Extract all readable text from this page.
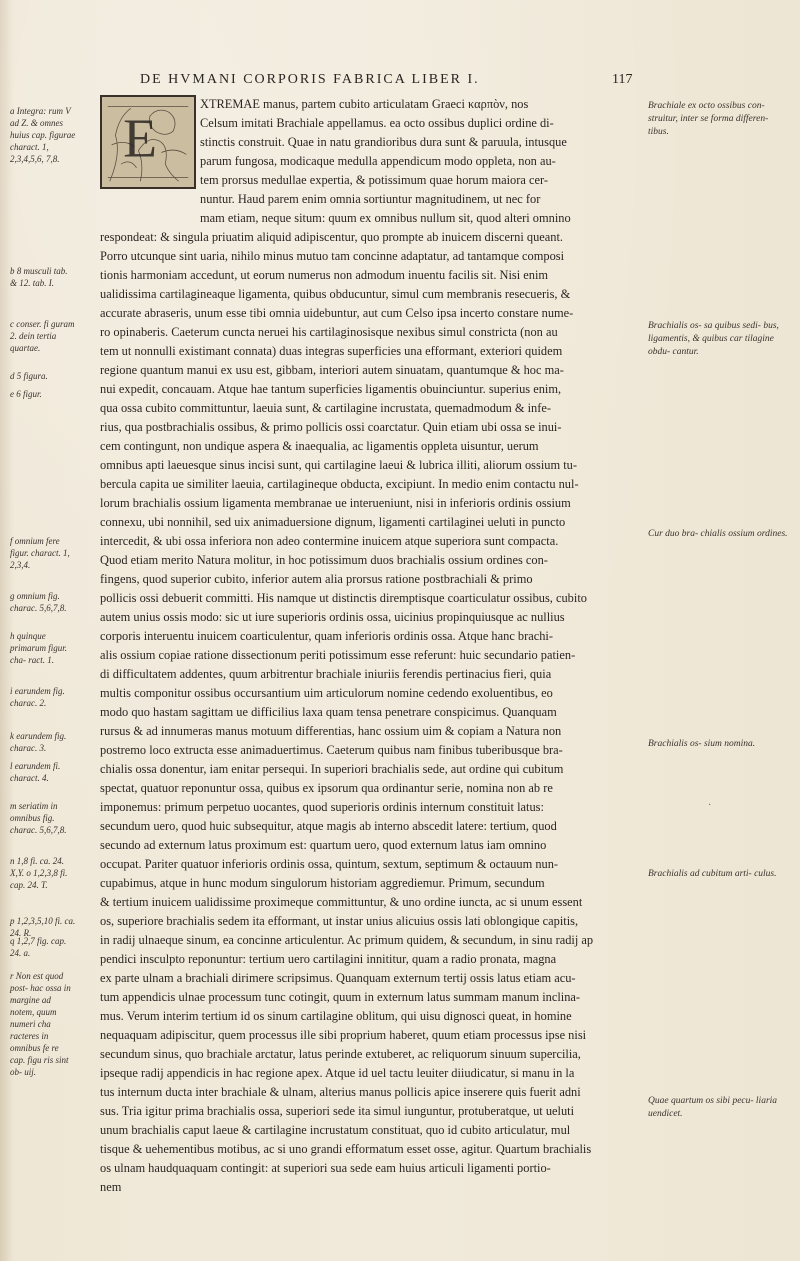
DE HVMANI CORPORIS FABRICA LIBER I.	117
E
XTREMAE manus, partem cubito articulatam Graeci καρπὸν, nos
Celsum imitati Brachiale appellamus. ea octo ossibus duplici ordine di-
stinctis construit. Quae in natu grandioribus dura sunt & paruula, intusque
parum fungosa, modicaque medulla appendicum modo oppleta, non au-
tem prorsus medullae expertia, & potissimum quae horum maiora cer-
nuntur. Haud parem enim omnia sortiuntur magnitudinem, ut nec for
mam etiam, neque situm: quum ex omnibus nullum sit, quod alteri omnino
respondeat: & singula priuatim aliquid adipiscentur, quo prompte ab inuicem discerni queant.
Porro utcunque sint uaria, nihilo minus mutuo tam concinne adaptatur, ad tantamque composi
tionis harmoniam accedunt, ut eorum numerus non admodum inuentu facilis sit. Nisi enim
ualidissima cartilagineaque ligamenta, quibus obducuntur, simul cum membranis resecueris, &
accurate abraseris, unum esse tibi omnia uidebuntur, aut cum Celso ipsa incerto constare nume-
ro opinaberis. Caeterum cuncta neruei his cartilaginosisque nexibus simul constricta (non au
tem ut nonnulli existimant connata) duas integras superficies una efformant, exteriori quidem
regione quantum manui ex usu est, gibbam, interiori autem sinuatam, quantumque & hoc ma-
nui expedit, concauam. Atque hae tantum superficies ligamentis obuinciuntur. superius enim,
qua ossa cubito committuntur, laeuia sunt, & cartilagine incrustata, quemadmodum & infe-
rius, qua postbrachialis ossibus, & primo pollicis ossi coarctatur. Quin etiam ubi ossa se inui-
cem contingunt, non undique aspera & inaequalia, ac ligamentis oppleta uisuntur, uerum
omnibus apti laeuesque sinus incisi sunt, qui cartilagine laeui & lubrica illiti, aliorum ossium tu-
bercula capita ue similiter laeuia, cartilagineque obducta, excipiunt. In medio enim contactu nul-
lorum brachialis ossium ligamenta membranae ue interueniunt, nisi in inferioris ordinis ossium
connexu, ubi nonnihil, sed uix animaduersione dignum, ligamenti cartilaginei ueluti in puncto
intercedit, & ubi ossa inferiora non adeo contermine inuicem atque superiora sunt compacta.
Quod etiam merito Natura molitur, in hoc potissimum duos brachialis ossium ordines con-
fingens, quod superior cubito, inferior autem alia prorsus ratione postbrachiali & primo
pollicis ossi debuerit committi. His namque ut distinctis diremptisque coarticulatur ossibus, cubito
autem unius ossis modo: sic ut iure superioris ordinis ossa, uicinius propinquiusque ac nullius
corporis interuentu inuicem coarticulentur, quam inferioris ordinis ossa. Atque hanc brachi-
alis ossium copiae ratione dissectionum periti potissimum esse referunt: huic secundario patien-
di difficultatem addentes, quum arbitrentur brachiale iniuriis ferendis pertinacius fieri, quia
multis componitur ossibus occursantium uim articulorum nomine cedendo exoluentibus, eo
modo quo hastam sagittam ue difficilius laxa quam tensa penetrare conspicimus. Quanquam
rursus & ad innumeras manus motuum differentias, hanc ossium uim & copiam a Natura non
postremo loco extructa esse animaduertimus. Caeterum quibus nam finibus tuberibusque bra-
chialis ossa donentur, iam enitar persequi. In superiori brachialis sede, aut ordine qui cubitum
spectat, quatuor reponuntur ossa, quibus ex ipsorum qua ordinantur serie, nomina non ab re
imponemus: primum perpetuo uocantes, quod superioris ordinis internum constituit latus:
secundum uero, quod huic subsequitur, atque magis ab interno abscedit latere: tertium, quod
secundo ad externum latus proximum est: quartum uero, quod externum latus iam omnino
occupat. Pariter quatuor inferioris ordinis ossa, quintum, sextum, septimum & octauum nun-
cupabimus, atque in hunc modum singulorum historiam aggrediemur. Primum, secundum
& tertium inuicem ualidissime proximeque committuntur, & uno ordine iuncta, ac si unum essent
os, superiore brachialis sedem ita efformant, ut instar unius alicuius ossis lati oblongique capitis,
in radij ulnaeque sinum, ea concinne articulentur. Ac primum quidem, & secundum, in sinu radij ap
pendici insculpto reponuntur: tertium uero cartilagini innititur, quam a radio pronata, magna
ex parte ulnam a brachiali dirimere scripsimus. Quanquam externum tertij ossis latus etiam acu-
tum appendicis ulnae processum tunc cotingit, quum in externum latus summam manum inclina-
mus. Verum interim tertium id os sinum cartilagine oblitum, qui uisu dignosci queat, in homine
nequaquam adipiscitur, quem processus ille sibi proprium haberet, quum etiam processus ipse nisi
secundum sinus, quo brachiale arctatur, latus perinde extuberet, ac reliquorum sinuum supercilia,
ipseque radij appendicis in hac regione apex. Atque id uel tactu leuiter diiudicatur, si manu in la
tus internum ducta inter brachiale & ulnam, alterius manus pollicis apice inserere quis fuerit adni
sus. Tria igitur prima brachialis ossa, superiori sede ita simul iunguntur, protuberatque, ut ueluti
unum brachialis caput laeue & cartilagine incrustatum constituat, quo id cubito articulatur, mul
tisque & uehementibus motibus, ac si uno grandi efformatum esset osse, agitur. Quartum brachialis
os ulnam haudquaquam contingit: at superiori sua sede eam huius articuli ligamenti portio-
nem
a Integra: rum V ad Z. & omnes huius cap. figurae charact. 1, 2,3,4,5,6, 7,8.
b 8 musculi tab. & 12. tab. I.
c conser. fi guram 2. dein tertia quartae.
d 5 figura.
e 6 figur.
f omnium fere figur. charact. 1, 2,3,4.
g omnium fig. charac. 5,6,7,8.
h quinque primarum figur. cha- ract. 1.
i earundem fig. charac. 2.
k earundem fig. charac. 3.
l earundem fi. charact. 4.
m seriatim in omnibus fig. charac. 5,6,7,8.
n 1,8 fi. ca. 24. X,Y. o 1,2,3,8 fi. cap. 24. T.
p 1,2,3,5,10 fi. ca. 24. R.
q 1,2,7 fig. cap. 24. a.
r Non est quod post- hac ossa in margine ad notem, quum numeri cha racteres in omnibus fe re cap. figu ris sint ob- uij.
Brachiale ex octo ossibus con- struitur, inter se forma differen- tibus.
Brachialis os- sa quibus sedi- bus, ligamentis, & quibus car tilagine obdu- cantur.
Cur duo bra- chialis ossium ordines.
Brachialis os- sium nomina.
Brachialis ad cubitum arti- culus.
Quae quartum os sibi pecu- liaria uendicet.
·
